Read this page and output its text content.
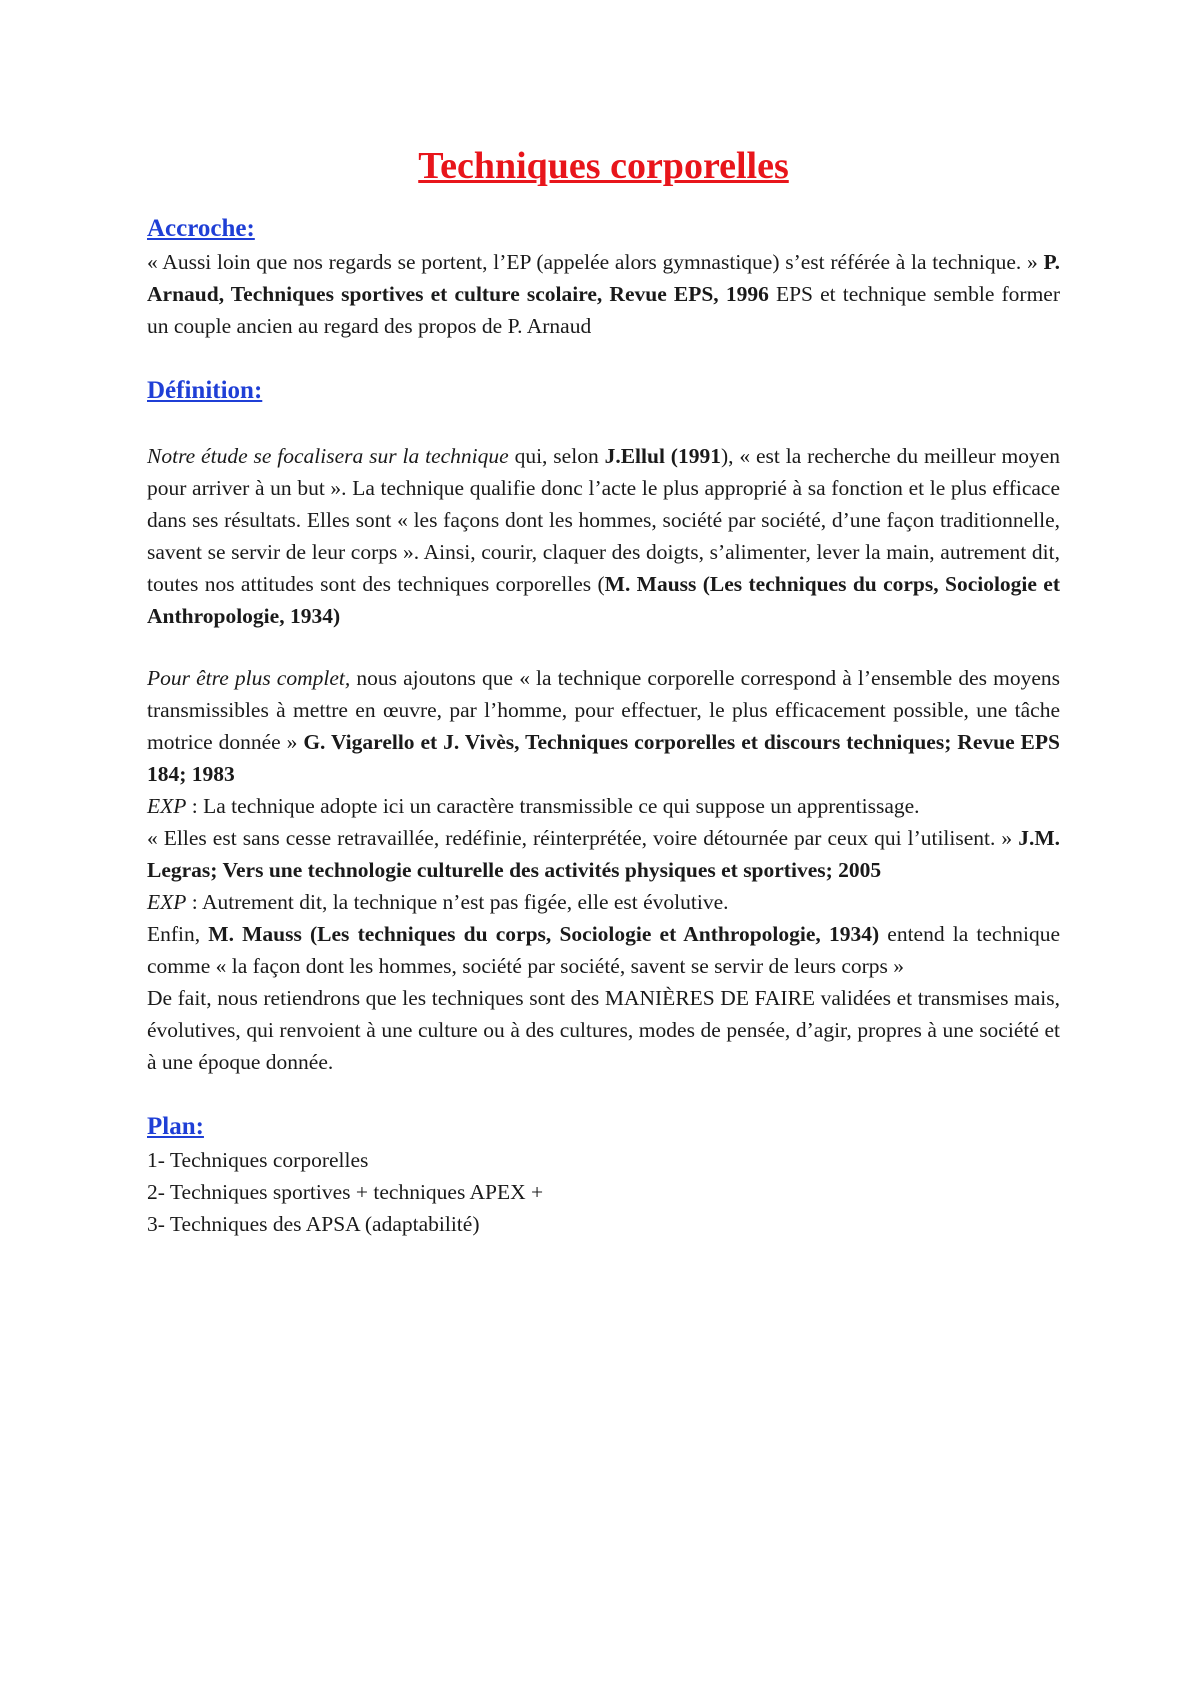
Techniques corporelles
Accroche:

« Aussi loin que nos regards se portent, l’EP (appelée alors gymnastique) s’est référée à la technique. » P. Arnaud, Techniques sportives et culture scolaire, Revue EPS, 1996 EPS et technique semble former un couple ancien au regard des propos de P. Arnaud

Définition:

Notre étude se focalisera sur la technique qui, selon J.Ellul (1991), « est la recherche du meilleur moyen pour arriver à un but ». La technique qualifie donc l’acte le plus approprié à sa fonction et le plus efficace dans ses résultats. Elles sont « les façons dont les hommes, société par société, d’une façon traditionnelle, savent se servir de leur corps ». Ainsi, courir, claquer des doigts, s’alimenter, lever la main, autrement dit, toutes nos attitudes sont des techniques corporelles (M. Mauss (Les techniques du corps, Sociologie et Anthropologie, 1934)

Pour être plus complet, nous ajoutons que « la technique corporelle correspond à l’ensemble des moyens transmissibles à mettre en œuvre, par l’homme, pour effectuer, le plus efficacement possible, une tâche motrice donnée » G. Vigarello et J. Vivès, Techniques corporelles et discours techniques; Revue EPS 184; 1983

EXP : La technique adopte ici un caractère transmissible ce qui suppose un apprentissage.

« Elles est sans cesse retravaillée, redéfinie, réinterprétée, voire détournée par ceux qui l’utilisent. » J.M. Legras; Vers une technologie culturelle des activités physiques et sportives; 2005

EXP : Autrement dit, la technique n’est pas figée, elle est évolutive.

Enfin, M. Mauss (Les techniques du corps, Sociologie et Anthropologie, 1934) entend la technique comme « la façon dont les hommes, société par société, savent se servir de leurs corps »

De fait, nous retiendrons que les techniques sont des MANIÈRES DE FAIRE validées et transmises mais, évolutives, qui renvoient à une culture ou à des cultures, modes de pensée, d’agir, propres à une société et à une époque donnée.

Plan:

1- Techniques corporelles

2- Techniques sportives + techniques APEX +

3- Techniques des APSA (adaptabilité)
